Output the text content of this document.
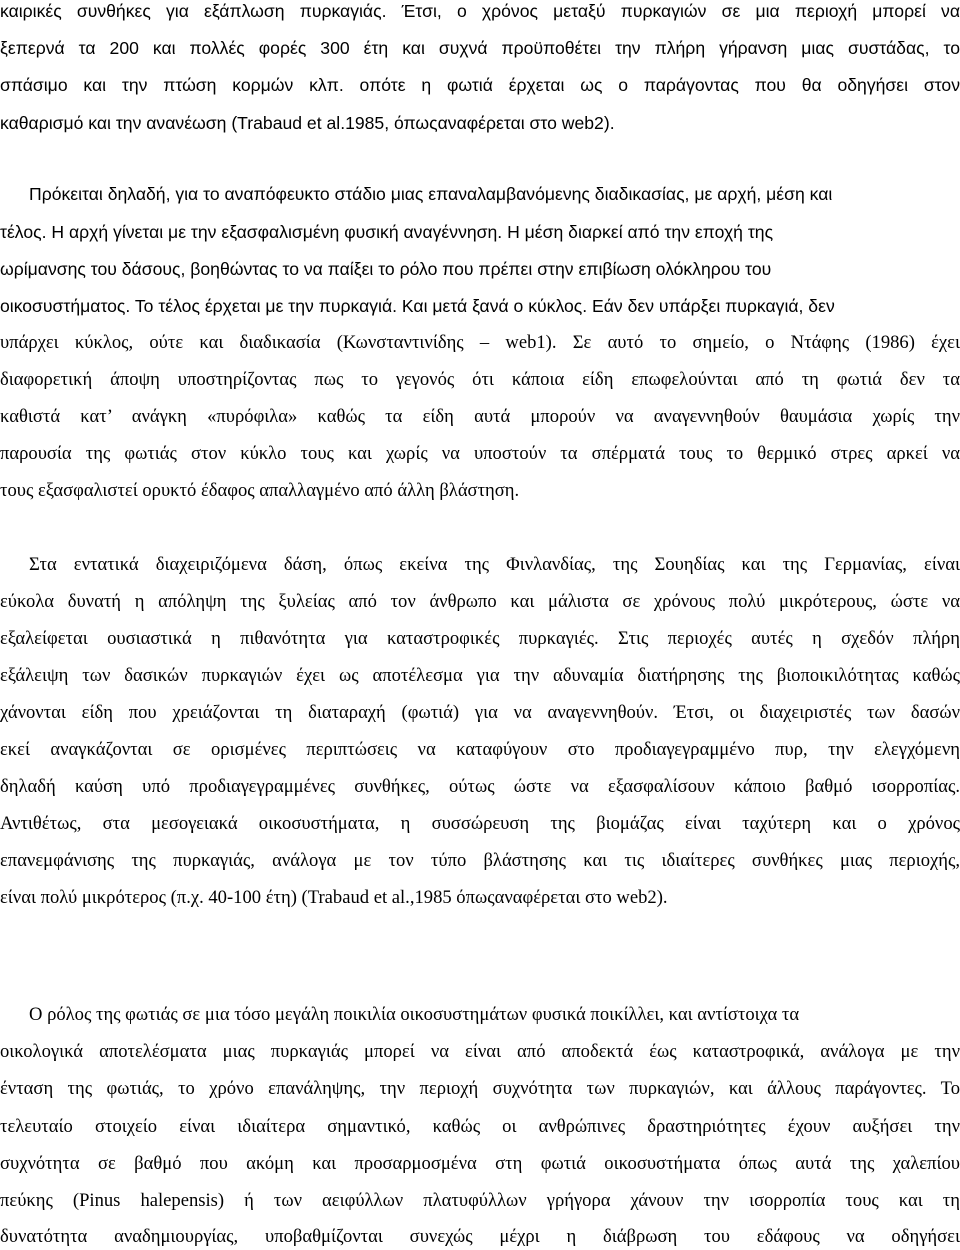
καιρικές συνθήκες για εξάπλωση πυρκαγιάς. Έτσι, ο χρόνος μεταξύ πυρκαγιών σε μια περιοχή μπορεί να
ξεπερνά τα 200 και πολλές φορές 300 έτη και συχνά προϋποθέτει την πλήρη γήρανση μιας συστάδας, το
σπάσιμο και την πτώση κορμών κλπ. οπότε η φωτιά έρχεται ως ο παράγοντας που θα οδηγήσει στον
καθαρισμό και την ανανέωση (Trabaud et al.1985, όπωςαναφέρεται στο web2).
Πρόκειται δηλαδή, για το αναπόφευκτο στάδιο μιας επαναλαμβανόμενης διαδικασίας, με αρχή, μέση και
τέλος. Η αρχή γίνεται με την εξασφαλισμένη φυσική αναγέννηση. Η μέση διαρκεί από την εποχή της
ωρίμανσης του δάσους, βοηθώντας το να παίξει το ρόλο που πρέπει στην επιβίωση ολόκληρου του
οικοσυστήματος. Το τέλος έρχεται με την πυρκαγιά. Και μετά ξανά ο κύκλος. Εάν δεν υπάρξει πυρκαγιά, δεν
υπάρχει κύκλος, ούτε και διαδικασία (Κωνσταντινίδης – web1). Σε αυτό το σημείο, ο Ντάφης (1986) έχει
διαφορετική άποψη υποστηρίζοντας πως το γεγονός ότι κάποια είδη επωφελούνται από τη φωτιά δεν τα
καθιστά κατ’ ανάγκη «πυρόφιλα» καθώς τα είδη αυτά μπορούν να αναγεννηθούν θαυμάσια χωρίς την
παρουσία της φωτιάς στον κύκλο τους και χωρίς να υποστούν τα σπέρματά τους το θερμικό στρες αρκεί να
τους εξασφαλιστεί ορυκτό έδαφος απαλλαγμένο από άλλη βλάστηση.
Στα εντατικά διαχειριζόμενα δάση, όπως εκείνα της Φινλανδίας, της Σουηδίας και της Γερμανίας, είναι
εύκολα δυνατή η απόληψη της ξυλείας από τον άνθρωπο και μάλιστα σε χρόνους πολύ μικρότερους, ώστε να
εξαλείφεται ουσιαστικά η πιθανότητα για καταστροφικές πυρκαγιές. Στις περιοχές αυτές η σχεδόν πλήρη
εξάλειψη των δασικών πυρκαγιών έχει ως αποτέλεσμα για την αδυναμία διατήρησης της βιοποικιλότητας καθώς
χάνονται είδη που χρειάζονται τη διαταραχή (φωτιά) για να αναγεννηθούν. Έτσι, οι διαχειριστές των δασών
εκεί αναγκάζονται σε ορισμένες περιπτώσεις να καταφύγουν στο προδιαγεγραμμένο πυρ, την ελεγχόμενη
δηλαδή καύση υπό προδιαγεγραμμένες συνθήκες, ούτως ώστε να εξασφαλίσουν κάποιο βαθμό ισορροπίας.
Αντιθέτως, στα μεσογειακά οικοσυστήματα, η συσσώρευση της βιομάζας είναι ταχύτερη και ο χρόνος
επανεμφάνισης της πυρκαγιάς, ανάλογα με τον τύπο βλάστησης και τις ιδιαίτερες συνθήκες μιας περιοχής,
είναι πολύ μικρότερος (π.χ. 40-100 έτη) (Trabaud et al.,1985 όπωςαναφέρεται στο web2).
Ο ρόλος της φωτιάς σε μια τόσο μεγάλη ποικιλία οικοσυστημάτων φυσικά ποικίλλει, και αντίστοιχα τα
οικολογικά αποτελέσματα μιας πυρκαγιάς μπορεί να είναι από αποδεκτά έως καταστροφικά, ανάλογα με την
ένταση της φωτιάς, το χρόνο επανάληψης, την περιοχή συχνότητα των πυρκαγιών, και άλλους παράγοντες. Το
τελευταίο στοιχείο είναι ιδιαίτερα σημαντικό, καθώς οι ανθρώπινες δραστηριότητες έχουν αυξήσει την
συχνότητα σε βαθμό που ακόμη και προσαρμοσμένα στη φωτιά οικοσυστήματα όπως αυτά της χαλεπίου
πεύκης (Pinus halepensis) ή των αειφύλλων πλατυφύλλων γρήγορα χάνουν την ισορροπία τους και τη
δυνατότητα αναδημιουργίας, υποβαθμίζονται συνεχώς μέχρι η διάβρωση του εδάφους να οδηγήσει
